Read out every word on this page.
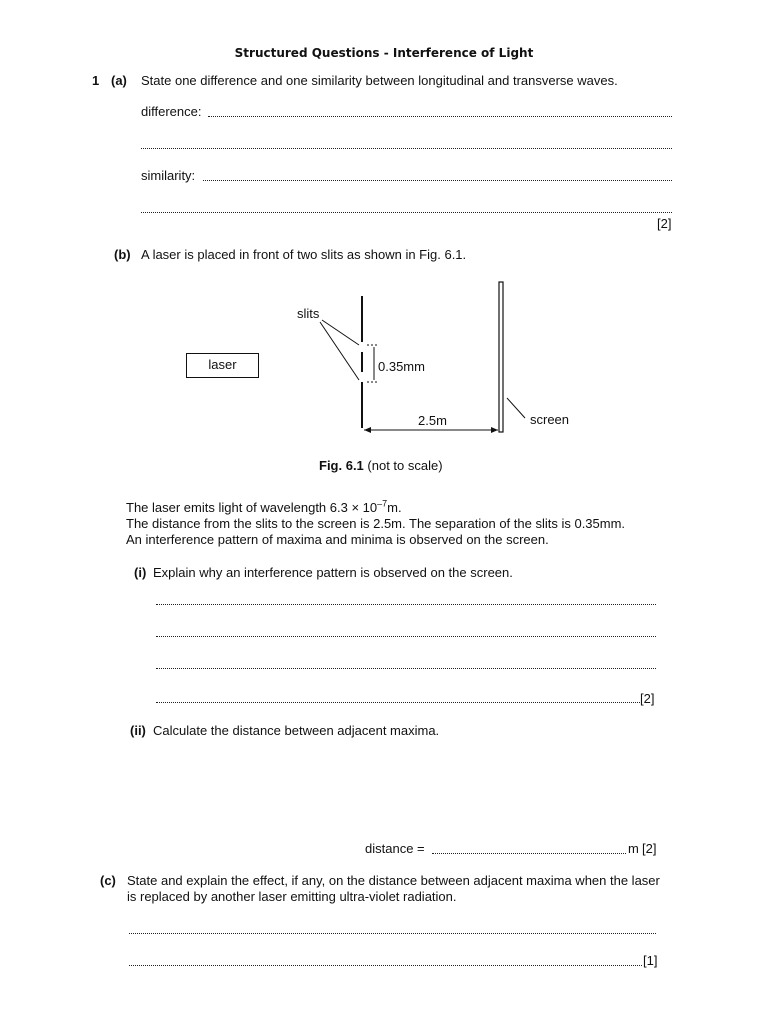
Structured Questions - Interference of Light
1 (a) State one difference and one similarity between longitudinal and transverse waves.
difference:
similarity:
[2]
(b) A laser is placed in front of two slits as shown in Fig. 6.1.
slits
laser	0.35mm
2.5m	screen
Fig. 6.1 (not to scale)
The laser emits light of wavelength $6.3 \times 10^{-7}m$.
The distance from the slits to the screen is 2.5m. The separation of the slits is 0.35mm.
An interference pattern of maxima and minima is observed on the screen.
(i) Explain why an interference pattern is observed on the screen.
[2]
(ii) Calculate the distance between adjacent maxima.
distance =	m [2]
(c) State and explain the effect, if any, on the distance between adjacent maxima when the laser
is replaced by another laser emitting ultra-violet radiation.
[1]
